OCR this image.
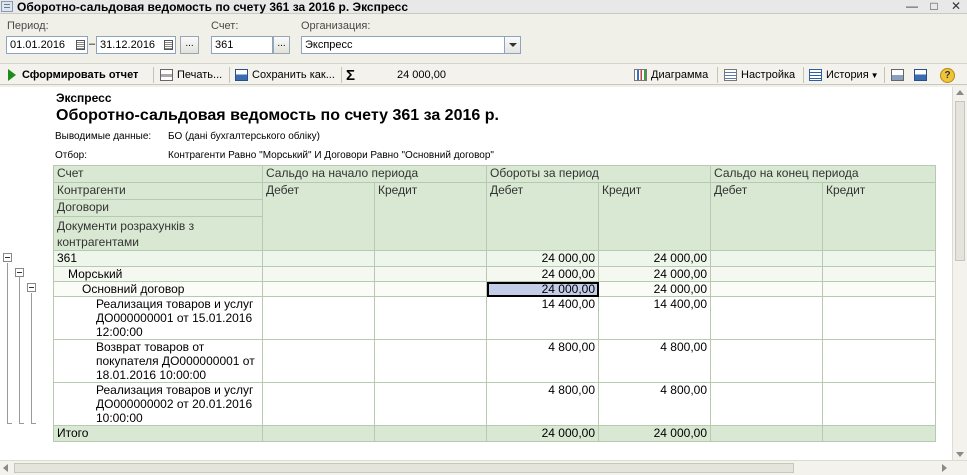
Оборотно-сальдовая ведомость по счету 361 за 2016 р. Экспресс	—	□	✕
Период:
01.01.2016	– 31.12.2016	...
Счет:
361	...
Организация:
Экспресс
Сформировать отчет	Печать...	Сохранить как... Σ	24 000,00	Диаграмма	Настройка	История ▼	?
Экспресс
Оборотно-сальдовая ведомость по счету 361 за 2016 р.
Выводимые данные: БО (дані бухгалтерського обліку)
Отбор:	Контрагенти Равно "Морський" И Договори Равно "Основний договор"
Счет	Сальдо на начало периода		Обороты за период		Сальдо на конец периода	

Контрагенти
Договори
Документи розрахунків з
контрагентами	Дебет	Кредит	Дебет	Кредит	Дебет	Кредит
361			24 000,00	24 000,00		
Морський			24 000,00	24 000,00		
Основний договор			24 000,00	24 000,00		

Реализация товаров и услуг
ДО000000001 от 15.01.2016
12:00:00			14 400,00	14 400,00		

Возврат товаров от
покупателя ДО000000001 от
18.01.2016 10:00:00			4 800,00	4 800,00		

Реализация товаров и услуг
ДО000000002 от 20.01.2016
10:00:00			4 800,00	4 800,00		
Итого			24 000,00	24 000,00		
